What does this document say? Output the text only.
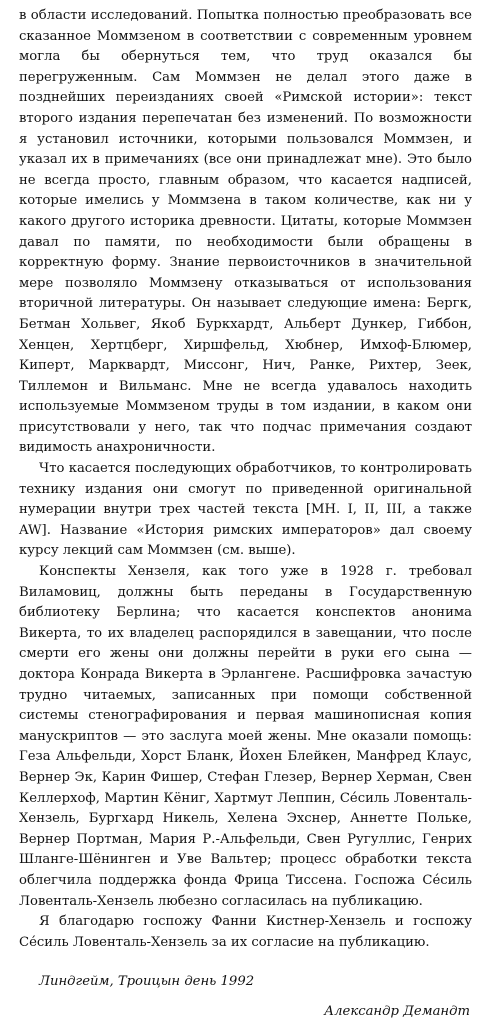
в области исследований. Попытка полностью преобразовать все сказанное Моммзеном в соответствии с современным уровнем могла бы обернуться тем, что труд оказался бы перегруженным. Сам Моммзен не делал этого даже в позднейших переизданиях своей «Римской истории»: текст второго издания перепечатан без изменений. По возможности я установил источники, которыми пользовался Моммзен, и указал их в примечаниях (все они принадлежат мне). Это было не всегда просто, главным образом, что касается надписей, которые имелись у Моммзена в таком количестве, как ни у какого другого историка древности. Цитаты, которые Моммзен давал по памяти, по необходимости были обращены в корректную форму. Знание первоисточников в значительной мере позволяло Моммзену отказываться от использования вторичной литературы. Он называет следующие имена: Бергк, Бетман Хольвег, Якоб Буркхардт, Альберт Дункер, Гиббон, Хенцен, Хертцберг, Хиршфельд, Хюбнер, Имхоф-Блюмер, Киперт, Марквардт, Миссонг, Нич, Ранке, Рихтер, Зеек, Тиллемон и Вильманс. Мне не всегда удавалось находить используемые Моммзеном труды в том издании, в каком они присутствовали у него, так что подчас примечания создают видимость анахроничности.

Что касается последующих обработчиков, то контролировать технику издания они смогут по приведенной оригинальной нумерации внутри трех частей текста [MH. I, II, III, а также AW]. Название «История римских императоров» дал своему курсу лекций сам Моммзен (см. выше).

Конспекты Хензеля, как того уже в 1928 г. требовал Виламовиц, должны быть переданы в Государственную библиотеку Берлина; что касается конспектов анонима Викерта, то их владелец распорядился в завещании, что после смерти его жены они должны перейти в руки его сына — доктора Конрада Викерта в Эрлангене. Расшифровка зачастую трудно читаемых, записанных при помощи собственной системы стенографирования и первая машинописная копия манускриптов — это заслуга моей жены. Мне оказали помощь: Геза Альфельди, Хорст Бланк, Йохен Блейкен, Манфред Клаус, Вернер Эк, Карин Фишер, Стефан Глезер, Вернер Херман, Свен Келлерхоф, Мартин Кёниг, Хартмут Леппин, Се́силь Ловенталь-Хензель, Бургхард Никель, Хелена Эхснер, Аннетте Польке, Вернер Портман, Мария Р.-Альфельди, Свен Ругуллис, Генрих Шланге-Шёнинген и Уве Вальтер; процесс обработки текста облегчила поддержка фонда Фрица Тиссена. Госпожа Се́силь Ловенталь-Хензель любезно согласилась на публикацию.

Я благодарю госпожу Фанни Кистнер-Хензель и госпожу Се́силь Ловенталь-Хензель за их согласие на публикацию.

Линдгейм, Троицын день 1992
Александр Демандт
